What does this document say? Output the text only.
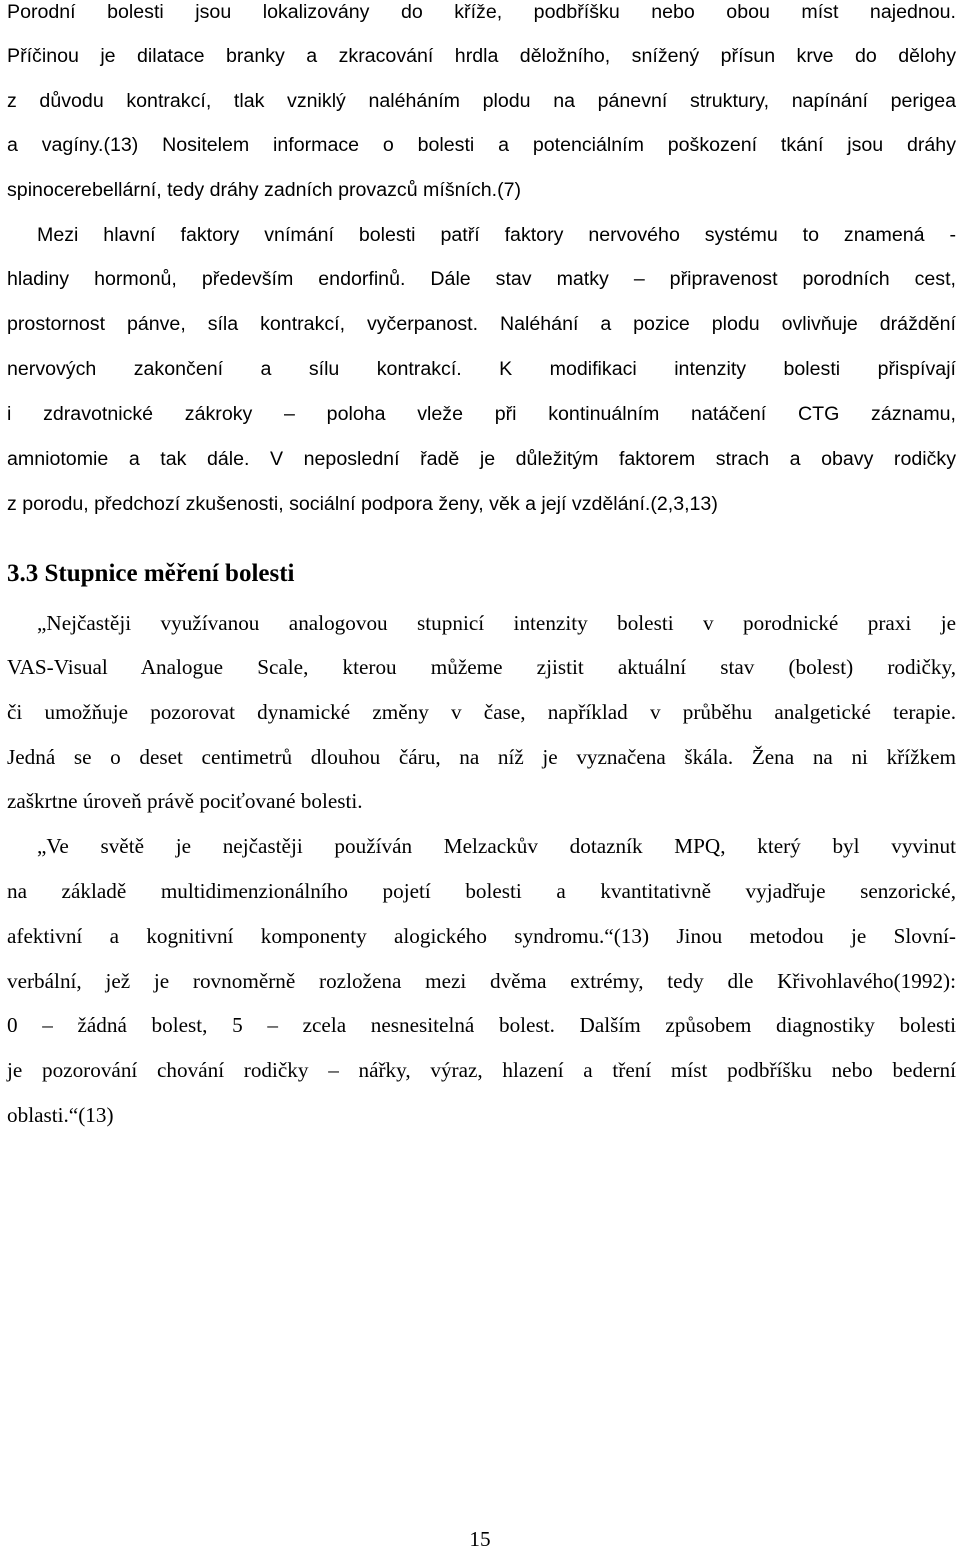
Porodní bolesti jsou lokalizovány do kříže, podbříšku nebo obou míst najednou.
Příčinou je dilatace branky a zkracování hrdla děložního, snížený přísun krve do dělohy
z důvodu kontrakcí, tlak vzniklý naléháním plodu na pánevní struktury, napínání perigea
a vagíny.(13) Nositelem informace o bolesti a potenciálním poškození tkání jsou dráhy
spinocerebellární, tedy dráhy zadních provazců míšních.(7)
Mezi hlavní faktory vnímání bolesti patří faktory nervového systému to znamená -
hladiny hormonů, především endorfinů. Dále stav matky – připravenost porodních cest,
prostornost pánve, síla kontrakcí, vyčerpanost. Naléhání a pozice plodu ovlivňuje dráždění
nervových zakončení a sílu kontrakcí. K modifikaci intenzity bolesti přispívají
i zdravotnické zákroky – poloha vleže při kontinuálním natáčení CTG záznamu,
amniotomie a tak dále. V neposlední řadě je důležitým faktorem strach a obavy rodičky
z porodu, předchozí zkušenosti, sociální podpora ženy, věk a její vzdělání.(2,3,13)
3.3 Stupnice měření bolesti
„Nejčastěji využívanou analogovou stupnicí intenzity bolesti v porodnické praxi je
VAS-Visual Analogue Scale, kterou můžeme zjistit aktuální stav (bolest) rodičky,
či umožňuje pozorovat dynamické změny v čase, například v průběhu analgetické terapie.
Jedná se o deset centimetrů dlouhou čáru, na níž je vyznačena škála. Žena na ni křížkem
zaškrtne úroveň právě pociťované bolesti.
„Ve světě je nejčastěji používán Melzackův dotazník MPQ, který byl vyvinut
na základě multidimenzionálního pojetí bolesti a kvantitativně vyjadřuje senzorické,
afektivní a kognitivní komponenty alogického syndromu.“(13) Jinou metodou je Slovní-
verbální, jež je rovnoměrně rozložena mezi dvěma extrémy, tedy dle Křivohlavého(1992):
0 – žádná bolest, 5 – zcela nesnesitelná bolest. Dalším způsobem diagnostiky bolesti
je pozorování chování rodičky – nářky, výraz, hlazení a tření míst podbříšku nebo bederní
oblasti.“(13)
15
